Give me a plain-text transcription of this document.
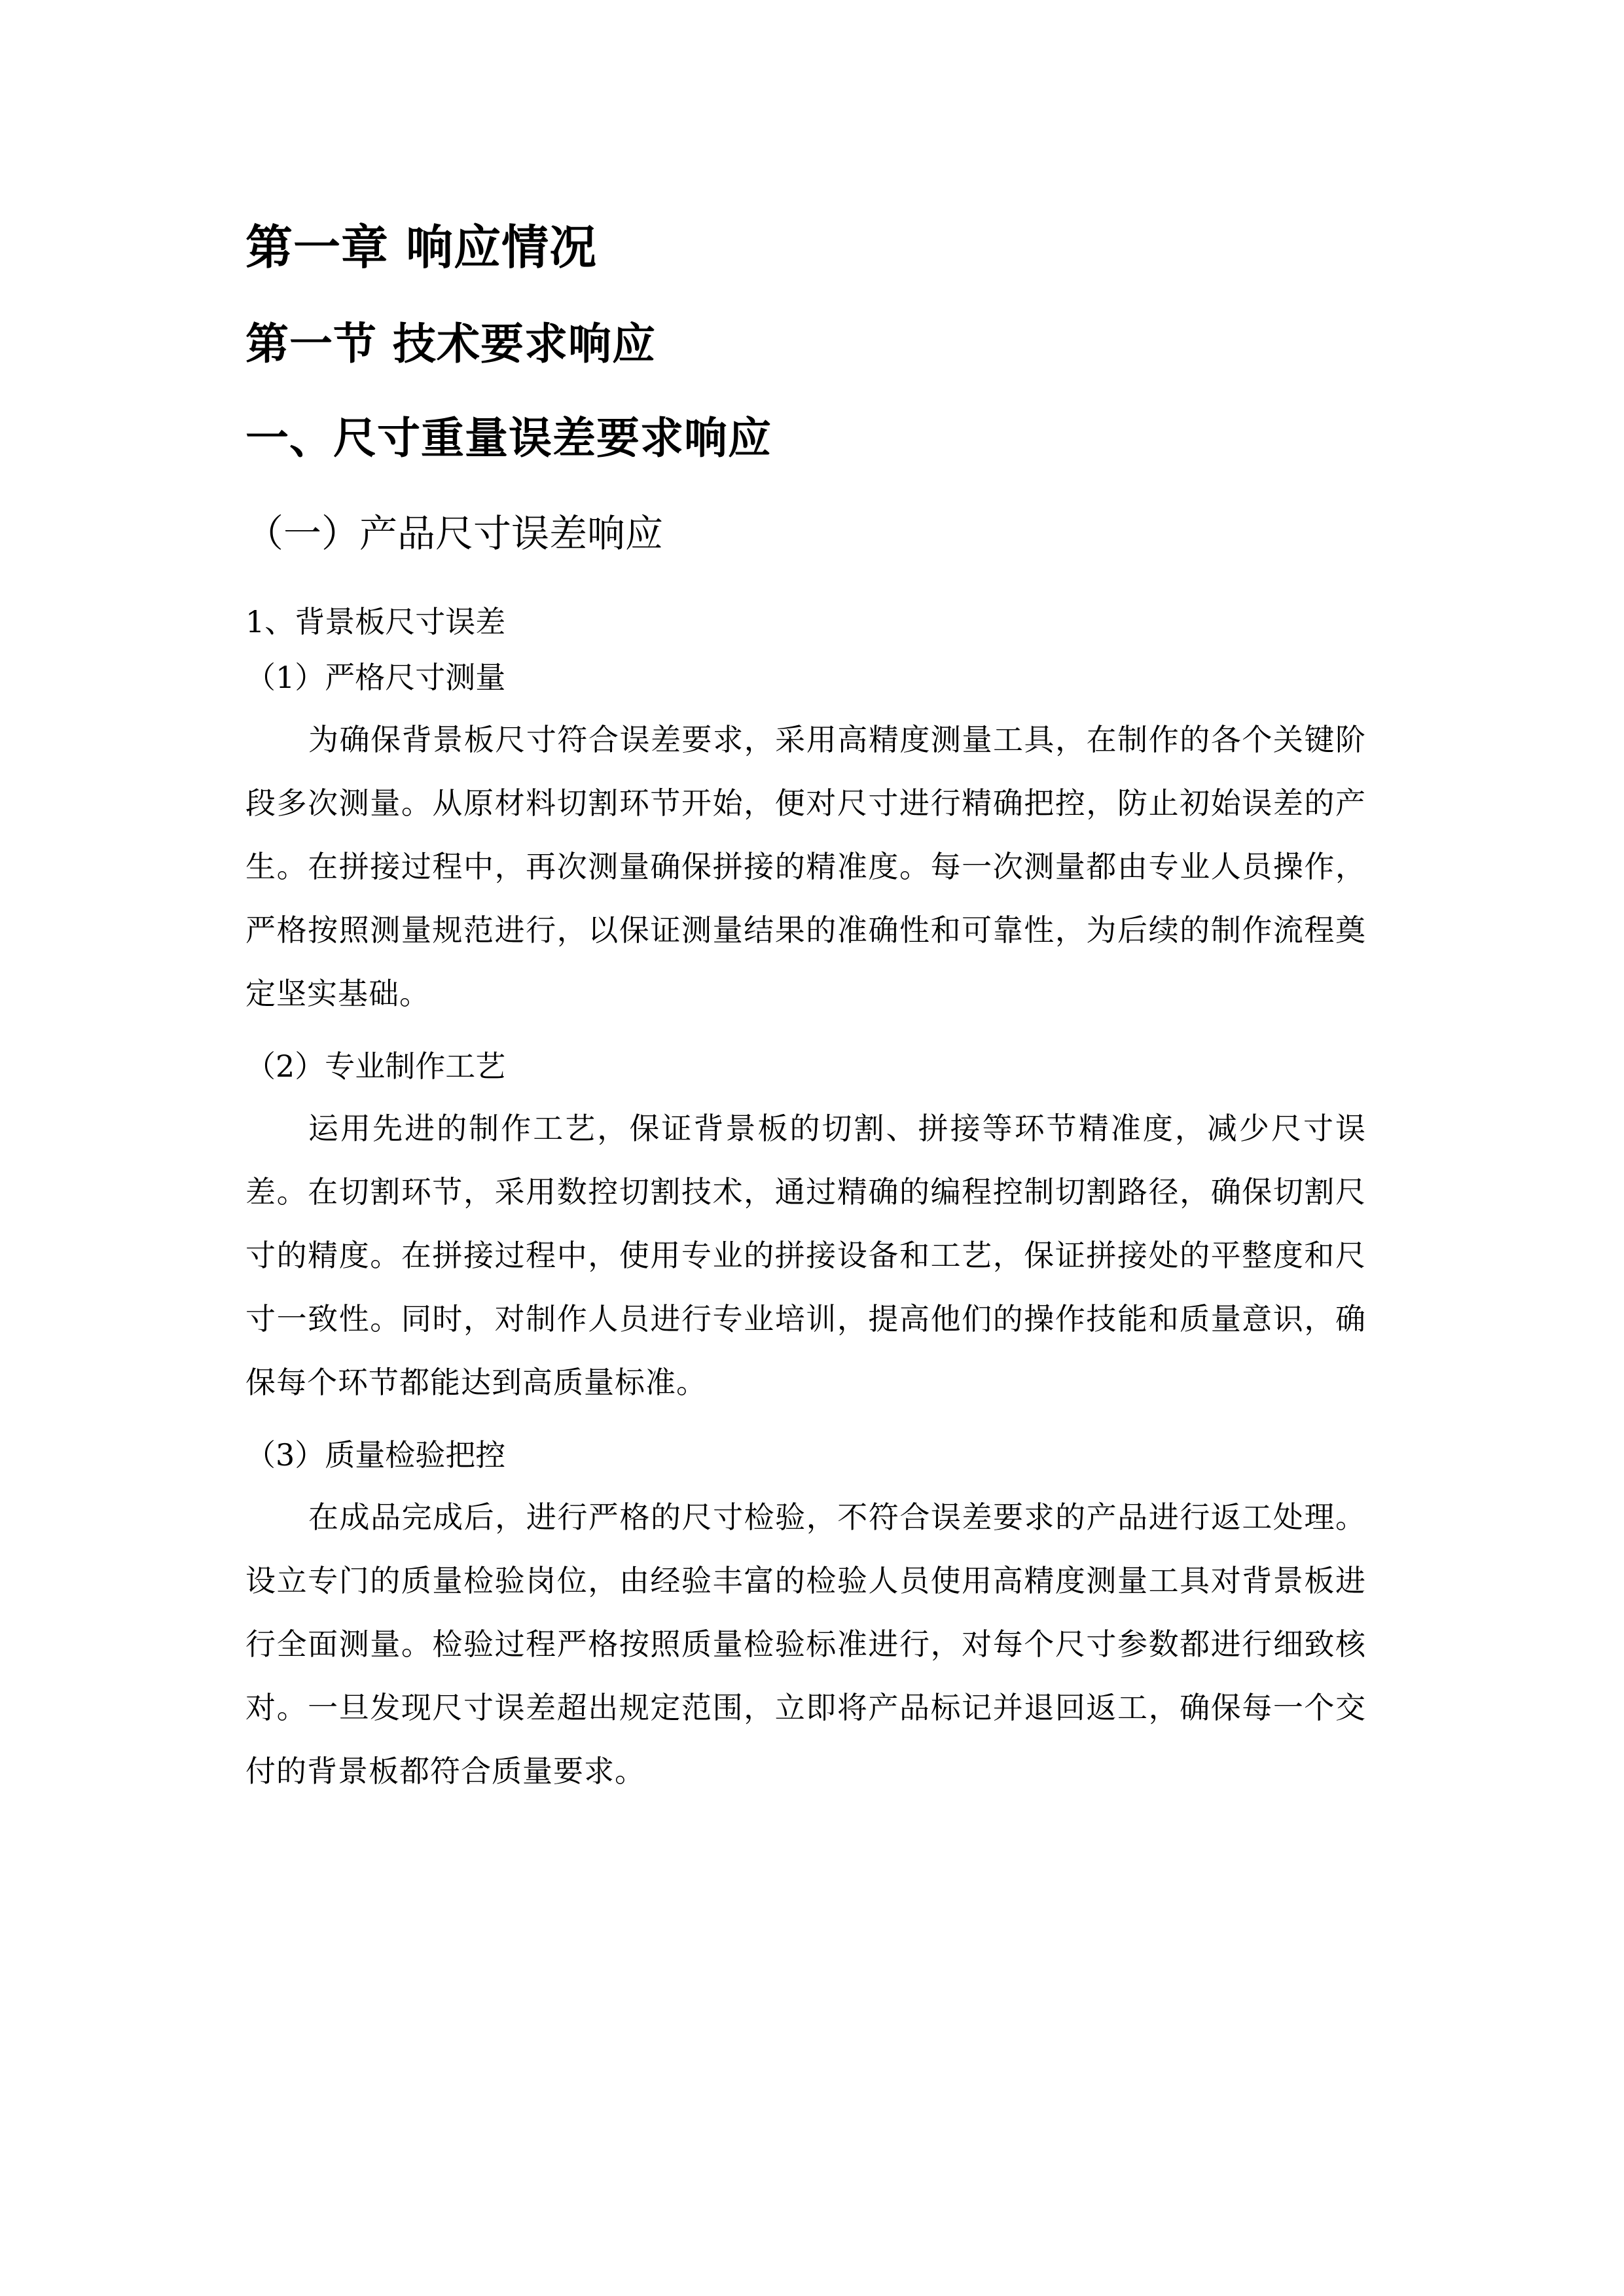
第一章 响应情况
第一节 技术要求响应
一、尺寸重量误差要求响应
（一）产品尺寸误差响应
1、背景板尺寸误差
（1）严格尺寸测量

为确保背景板尺寸符合误差要求，采用高精度测量工具，在制作的各个关键阶段多次测量。从原材料切割环节开始，便对尺寸进行精确把控，防止初始误差的产生。在拼接过程中，再次测量确保拼接的精准度。每一次测量都由专业人员操作，严格按照测量规范进行，以保证测量结果的准确性和可靠性，为后续的制作流程奠定坚实基础。

（2）专业制作工艺

运用先进的制作工艺，保证背景板的切割、拼接等环节精准度，减少尺寸误差。在切割环节，采用数控切割技术，通过精确的编程控制切割路径，确保切割尺寸的精度。在拼接过程中，使用专业的拼接设备和工艺，保证拼接处的平整度和尺寸一致性。同时，对制作人员进行专业培训，提高他们的操作技能和质量意识，确保每个环节都能达到高质量标准。

（3）质量检验把控

在成品完成后，进行严格的尺寸检验，不符合误差要求的产品进行返工处理。设立专门的质量检验岗位，由经验丰富的检验人员使用高精度测量工具对背景板进行全面测量。检验过程严格按照质量检验标准进行，对每个尺寸参数都进行细致核对。一旦发现尺寸误差超出规定范围，立即将产品标记并退回返工，确保每一个交付的背景板都符合质量要求。
